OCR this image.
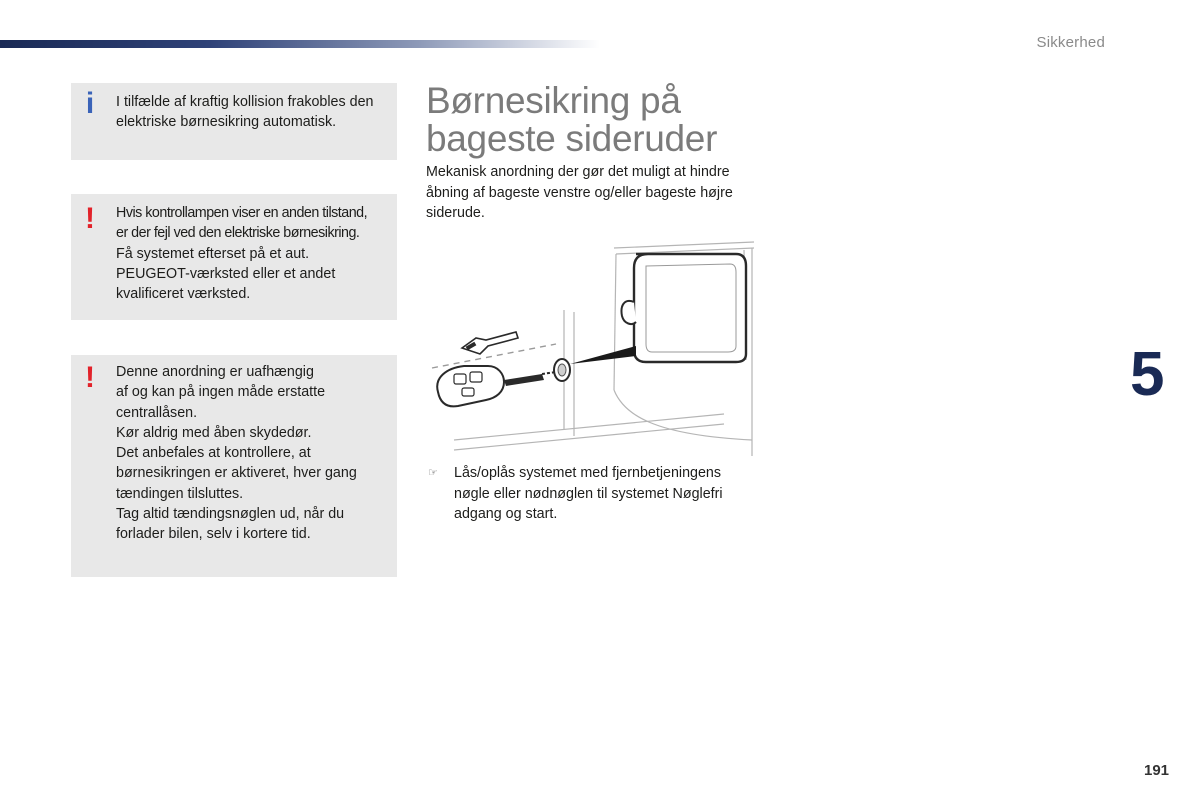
Sikkerhed
i I tilfælde af kraftig kollision frakobles den elektriske børnesikring automatisk.
! Hvis kontrollampen viser en anden tilstand,

er der fejl ved den elektriske børnesikring.

Få systemet efterset på et aut.

PEUGEOT-værksted eller et andet

kvalificeret værksted.

! Denne anordning er uafhængig

af og kan på ingen måde erstatte

centrallåsen.

Kør aldrig med åben skydedør.

Det anbefales at kontrollere, at

børnesikringen er aktiveret, hver gang

tændingen tilsluttes.

Tag altid tændingsnøglen ud, når du

forlader bilen, selv i kortere tid.

Børnesikring på
bageste sideruder

Mekanisk anordning der gør det muligt at hindre åbning af bageste venstre og/eller bageste højre siderude.

☞ Lås/oplås systemet med fjernbetjeningens nøgle eller nødnøglen til systemet Nøglefri adgang og start.

5
191
